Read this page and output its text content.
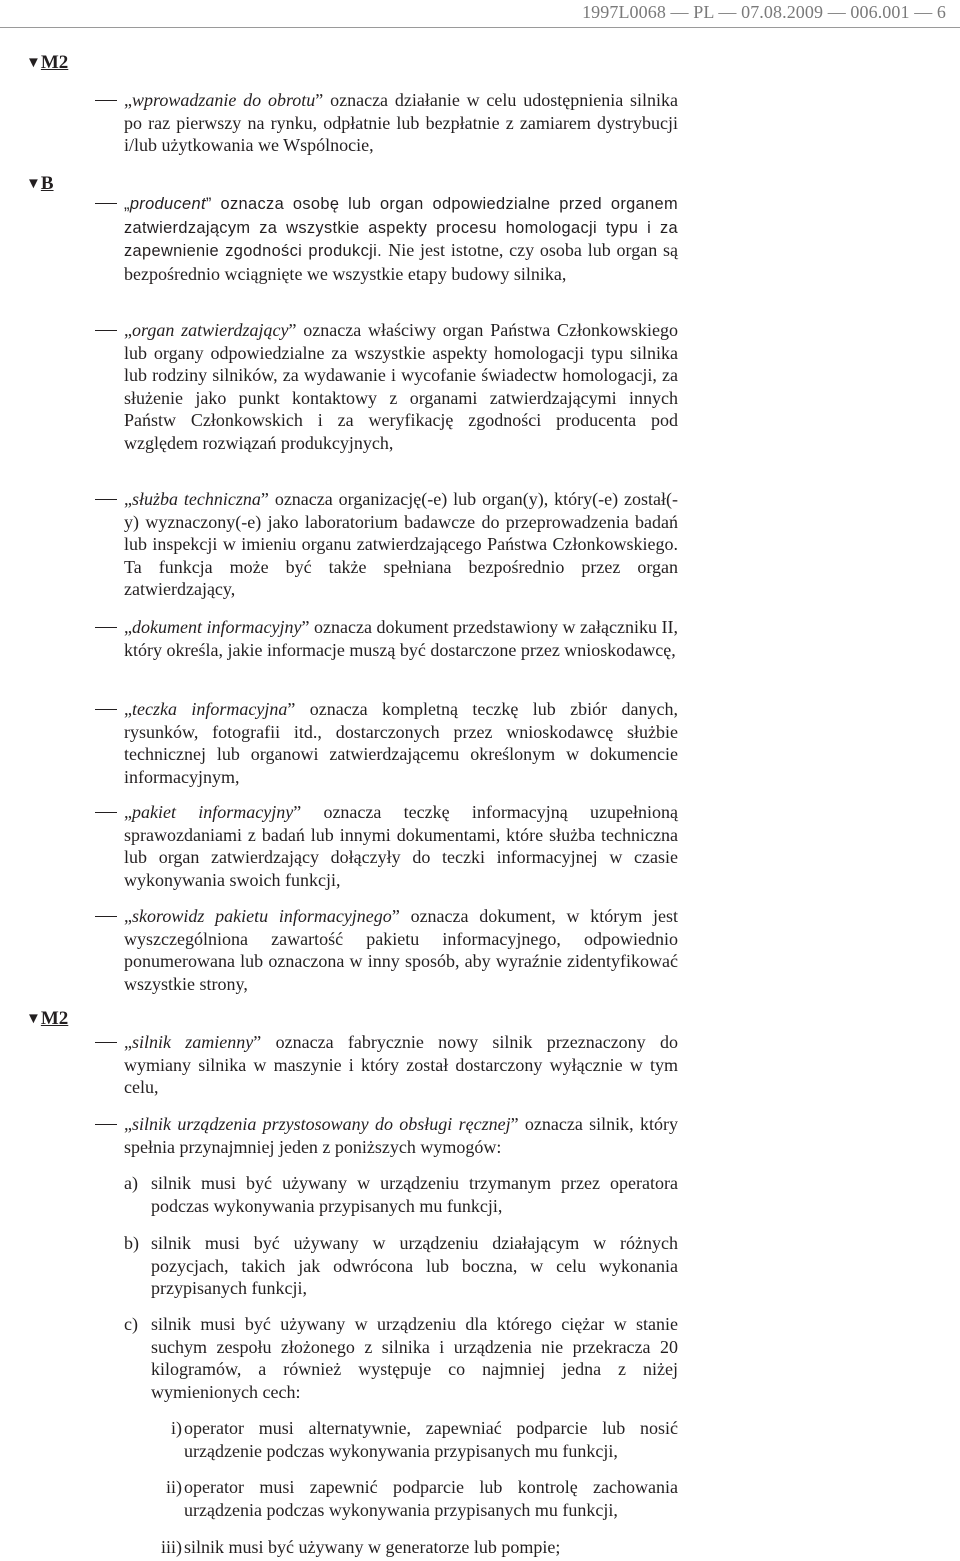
1997L0068 — PL — 07.08.2009 — 006.001 — 6
▼M2
▼B
▼M2
„wprowadzanie do obrotu” oznacza działanie w celu udostępnienia silnika po raz pierwszy na rynku, odpłatnie lub bezpłatnie z zamiarem dystrybucji i/lub użytkowania we Wspólnocie,
„producent” oznacza osobę lub organ odpowiedzialne przed organem zatwierdzającym za wszystkie aspekty procesu homologacji typu i za zapewnienie zgodności produkcji. Nie jest istotne, czy osoba lub organ są bezpośrednio wciągnięte we wszystkie etapy budowy silnika,
„organ zatwierdzający” oznacza właściwy organ Państwa Członkowskiego lub organy odpowiedzialne za wszystkie aspekty homologacji typu silnika lub rodziny silników, za wydawanie i wycofanie świadectw homologacji, za służenie jako punkt kontaktowy z organami zatwierdzającymi innych Państw Członkowskich i za weryfikację zgodności producenta pod względem rozwiązań produkcyjnych,
„służba techniczna” oznacza organizację(-e) lub organ(y), który(-e) został(-y) wyznaczony(-e) jako laboratorium badawcze do przeprowadzenia badań lub inspekcji w imieniu organu zatwierdzającego Państwa Członkowskiego. Ta funkcja może być także spełniana bezpośrednio przez organ zatwierdzający,
„dokument informacyjny” oznacza dokument przedstawiony w załączniku II, który określa, jakie informacje muszą być dostarczone przez wnioskodawcę,
„teczka informacyjna” oznacza kompletną teczkę lub zbiór danych, rysunków, fotografii itd., dostarczonych przez wnioskodawcę służbie technicznej lub organowi zatwierdzającemu określonym w dokumencie informacyjnym,
„pakiet informacyjny” oznacza teczkę informacyjną uzupełnioną sprawozdaniami z badań lub innymi dokumentami, które służba techniczna lub organ zatwierdzający dołączyły do teczki informacyjnej w czasie wykonywania swoich funkcji,
„skorowidz pakietu informacyjnego” oznacza dokument, w którym jest wyszczególniona zawartość pakietu informacyjnego, odpowiednio ponumerowana lub oznaczona w inny sposób, aby wyraźnie zidentyfikować wszystkie strony,
„silnik zamienny” oznacza fabrycznie nowy silnik przeznaczony do wymiany silnika w maszynie i który został dostarczony wyłącznie w tym celu,
„silnik urządzenia przystosowany do obsługi ręcznej” oznacza silnik, który spełnia przynajmniej jeden z poniższych wymogów:
a) silnik musi być używany w urządzeniu trzymanym przez operatora podczas wykonywania przypisanych mu funkcji,
b) silnik musi być używany w urządzeniu działającym w różnych pozycjach, takich jak odwrócona lub boczna, w celu wykonania przypisanych funkcji,
c) silnik musi być używany w urządzeniu dla którego ciężar w stanie suchym zespołu złożonego z silnika i urządzenia nie przekracza 20 kilogramów, a również występuje co najmniej jedna z niżej wymienionych cech:
i) operator musi alternatywnie, zapewniać podparcie lub nosić urządzenie podczas wykonywania przypisanych mu funkcji,
ii) operator musi zapewnić podparcie lub kontrolę zachowania urządzenia podczas wykonywania przypisanych mu funkcji,
iii) silnik musi być używany w generatorze lub pompie;
